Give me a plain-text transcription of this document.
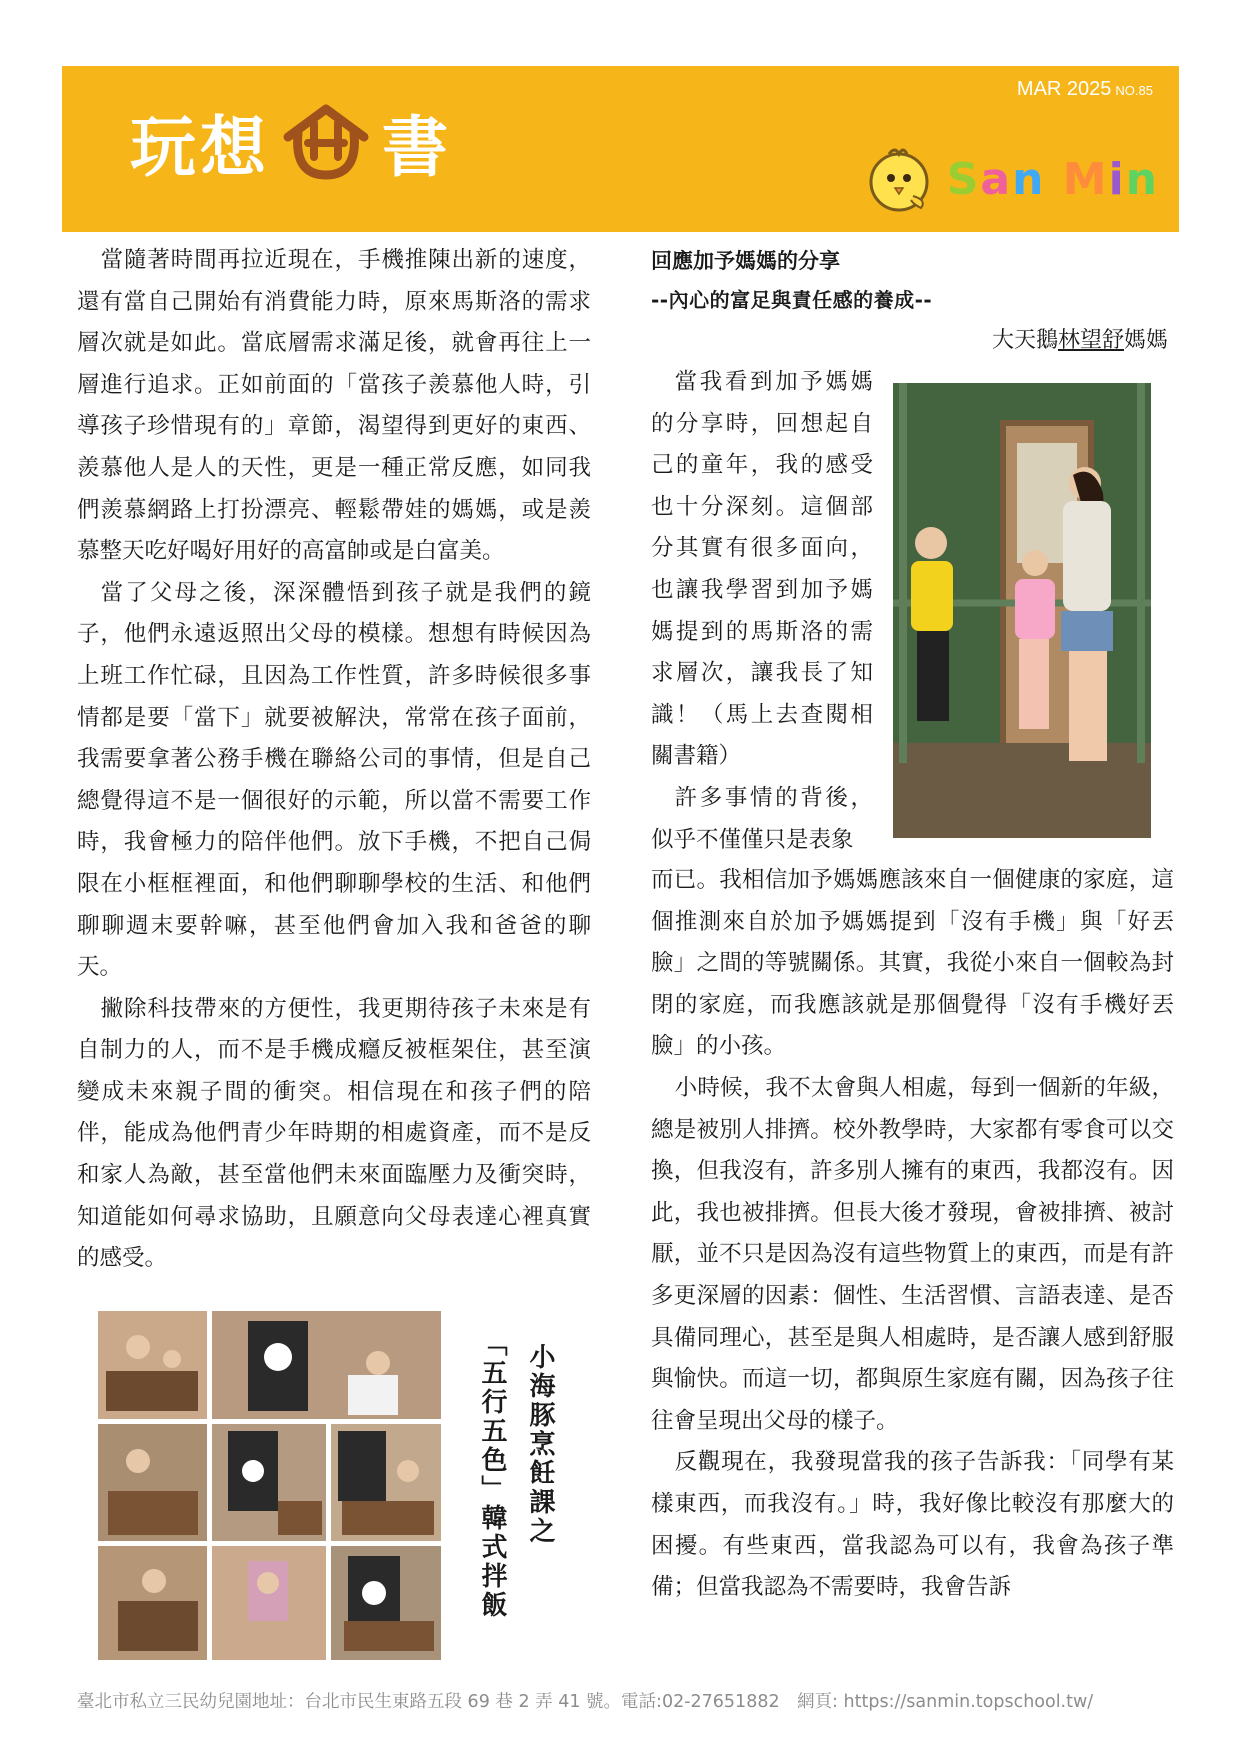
玩想 書
MAR 2025 NO.85
San Min

當隨著時間再拉近現在，手機推陳出新的速度，還有當自己開始有消費能力時，原來馬斯洛的需求層次就是如此。當底層需求滿足後，就會再往上一層進行追求。正如前面的「當孩子羨慕他人時，引導孩子珍惜現有的」章節，渴望得到更好的東西、羨慕他人是人的天性，更是一種正常反應，如同我們羨慕網路上打扮漂亮、輕鬆帶娃的媽媽，或是羨慕整天吃好喝好用好的高富帥或是白富美。

當了父母之後，深深體悟到孩子就是我們的鏡子，他們永遠返照出父母的模樣。想想有時候因為上班工作忙碌，且因為工作性質，許多時候很多事情都是要「當下」就要被解決，常常在孩子面前，我需要拿著公務手機在聯絡公司的事情，但是自己總覺得這不是一個很好的示範，所以當不需要工作時，我會極力的陪伴他們。放下手機，不把自己侷限在小框框裡面，和他們聊聊學校的生活、和他們聊聊週末要幹嘛，甚至他們會加入我和爸爸的聊天。

撇除科技帶來的方便性，我更期待孩子未來是有自制力的人，而不是手機成癮反被框架住，甚至演變成未來親子間的衝突。相信現在和孩子們的陪伴，能成為他們青少年時期的相處資產，而不是反和家人為敵，甚至當他們未來面臨壓力及衝突時，知道能如何尋求協助，且願意向父母表達心裡真實的感受。

回應加予媽媽的分享
--內心的富足與責任感的養成--
大天鵝林望舒媽媽

當我看到加予媽媽的分享時，回想起自己的童年，我的感受也十分深刻。這個部分其實有很多面向，也讓我學習到加予媽媽提到的馬斯洛的需求層次，讓我長了知識！（馬上去查閱相關書籍）

許多事情的背後，似乎不僅僅只是表象

而已。我相信加予媽媽應該來自一個健康的家庭，這個推測來自於加予媽媽提到「沒有手機」與「好丟臉」之間的等號關係。其實，我從小來自一個較為封閉的家庭，而我應該就是那個覺得「沒有手機好丟臉」的小孩。

小時候，我不太會與人相處，每到一個新的年級，總是被別人排擠。校外教學時，大家都有零食可以交換，但我沒有，許多別人擁有的東西，我都沒有。因此，我也被排擠。但長大後才發現，會被排擠、被討厭，並不只是因為沒有這些物質上的東西，而是有許多更深層的因素：個性、生活習慣、言語表達、是否具備同理心，甚至是與人相處時，是否讓人感到舒服與愉快。而這一切，都與原生家庭有關，因為孩子往往會呈現出父母的樣子。

反觀現在，我發現當我的孩子告訴我：「同學有某樣東西，而我沒有。」時，我好像比較沒有那麼大的困擾。有些東西，當我認為可以有，我會為孩子準備；但當我認為不需要時，我會告訴

小海豚烹飪課之
「五行五色」韓式拌飯
臺北市私立三民幼兒園地址：台北市民生東路五段 69 巷 2 弄 41 號。電話:02-27651882　網頁: https://sanmin.topschool.tw/
